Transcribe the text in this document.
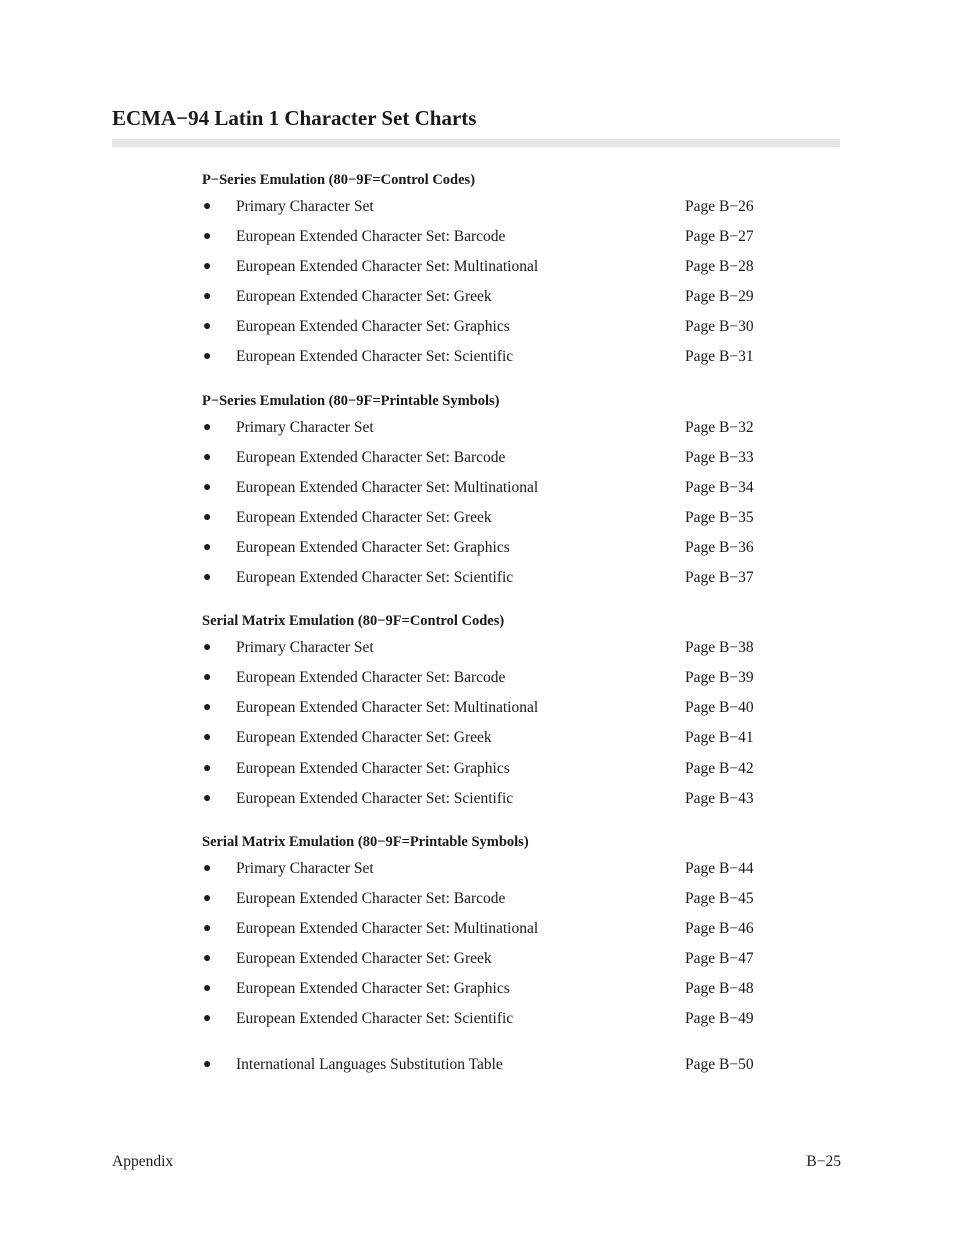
ECMA−94 Latin 1 Character Set Charts
P−Series Emulation (80−9F=Control Codes)
● Primary Character Set	Page B−26
● European Extended Character Set: Barcode	Page B−27
● European Extended Character Set: Multinational	Page B−28
● European Extended Character Set: Greek	Page B−29
● European Extended Character Set: Graphics	Page B−30
● European Extended Character Set: Scientific	Page B−31
P−Series Emulation (80−9F=Printable Symbols)
● Primary Character Set	Page B−32
● European Extended Character Set: Barcode	Page B−33
● European Extended Character Set: Multinational	Page B−34
● European Extended Character Set: Greek	Page B−35
● European Extended Character Set: Graphics	Page B−36
● European Extended Character Set: Scientific	Page B−37
Serial Matrix Emulation (80−9F=Control Codes)
● Primary Character Set	Page B−38
● European Extended Character Set: Barcode	Page B−39
● European Extended Character Set: Multinational	Page B−40
● European Extended Character Set: Greek	Page B−41
● European Extended Character Set: Graphics	Page B−42
● European Extended Character Set: Scientific	Page B−43
Serial Matrix Emulation (80−9F=Printable Symbols)
● Primary Character Set	Page B−44
● European Extended Character Set: Barcode	Page B−45
● European Extended Character Set: Multinational	Page B−46
● European Extended Character Set: Greek	Page B−47
● European Extended Character Set: Graphics	Page B−48
● European Extended Character Set: Scientific	Page B−49
● International Languages Substitution Table	Page B−50
Appendix	B−25
